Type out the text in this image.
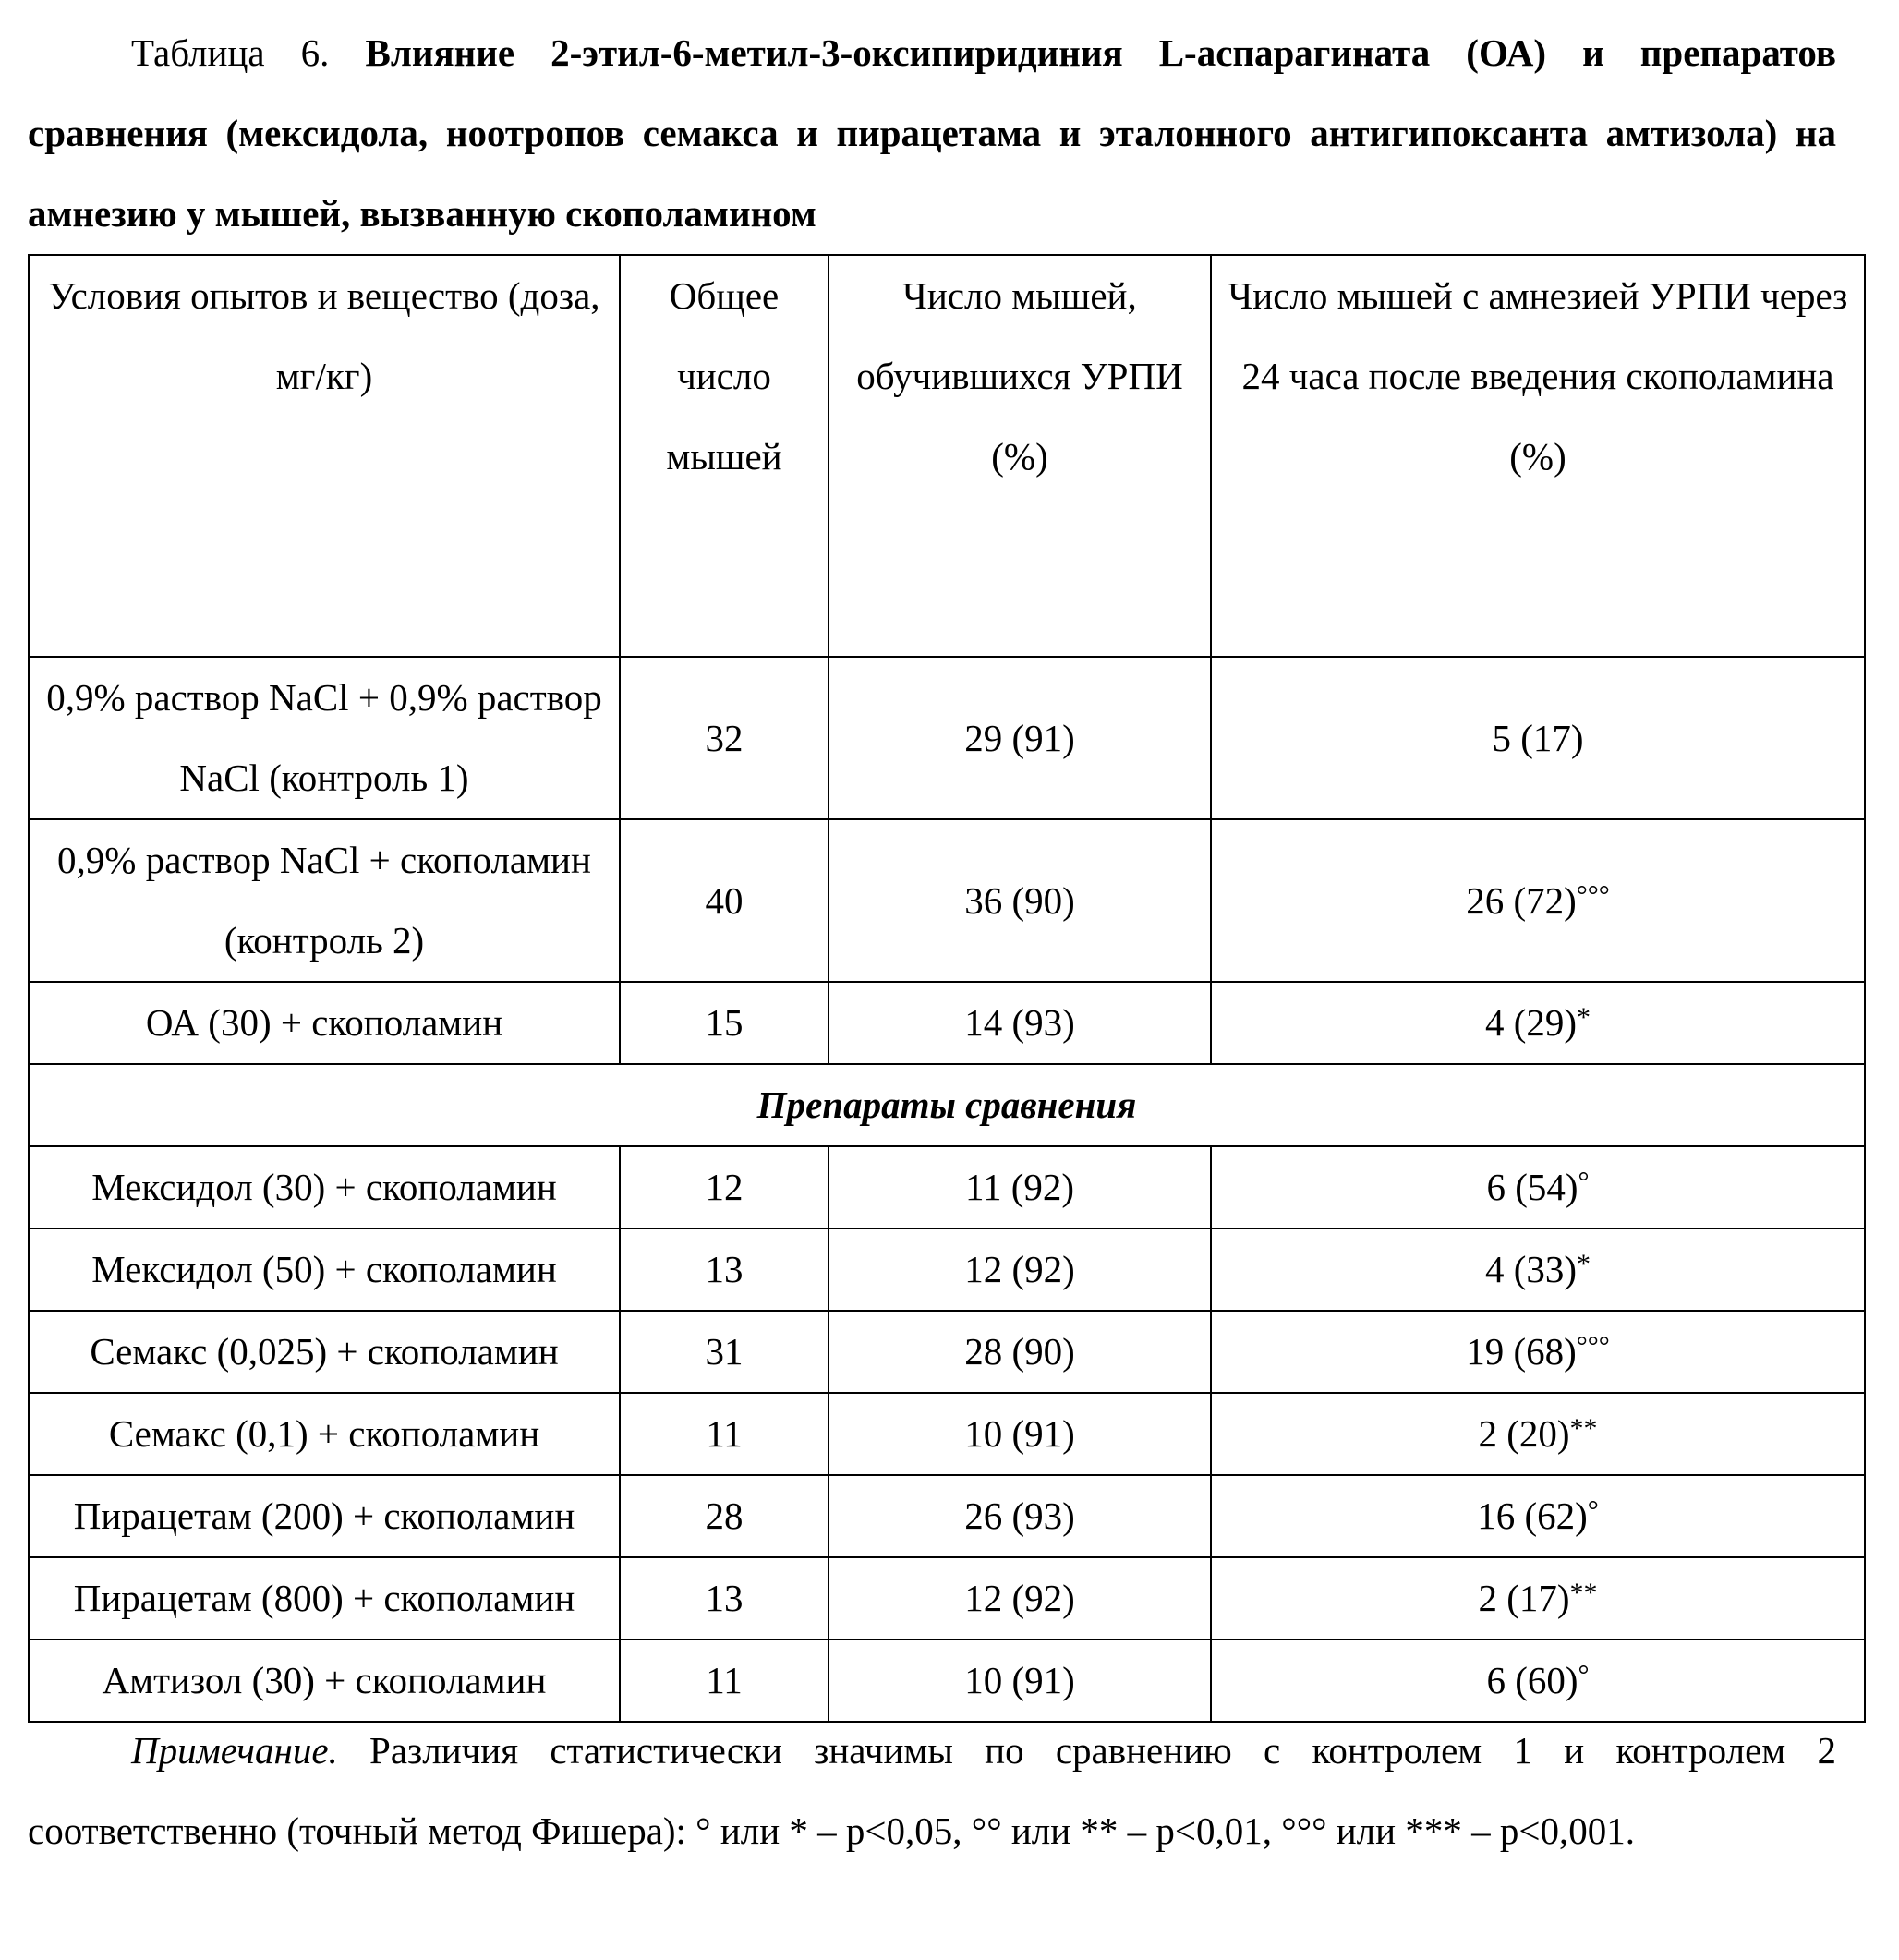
Таблица 6. Влияние 2-этил-6-метил-3-оксипиридиния L-аспарагината (ОА) и препаратов сравнения (мексидола, ноотропов семакса и пирацетама и эталонного антигипоксанта амтизола) на амнезию у мышей, вызванную скополамином
Условия опытов и вещество (доза, мг/кг)	Общее число мышей	Число мышей, обучившихся УРПИ (%)	Число мышей с амнезией УРПИ через 24 часа после введения скополамина (%)
0,9% раствор NaCl + 0,9% раствор NaCl (контроль 1)	32	29 (91)	5 (17)
0,9% раствор NaCl + скополамин (контроль 2)	40	36 (90)	26 (72)°°°
ОА (30) + скополамин	15	14 (93)	4 (29)*
Препараты сравнения
Мексидол (30) + скополамин	12	11 (92)	6 (54)°
Мексидол (50) + скополамин	13	12 (92)	4 (33)*
Семакс (0,025) + скополамин	31	28 (90)	19 (68)°°°
Семакс (0,1) + скополамин	11	10 (91)	2 (20)**
Пирацетам (200) + скополамин	28	26 (93)	16 (62)°
Пирацетам (800) + скополамин	13	12 (92)	2 (17)**
Амтизол (30) + скополамин	11	10 (91)	6 (60)°
Примечание. Различия статистически значимы по сравнению с контролем 1 и контролем 2 соответственно (точный метод Фишера): ° или * – p<0,05, °° или ** – p<0,01, °°° или *** – p<0,001.
